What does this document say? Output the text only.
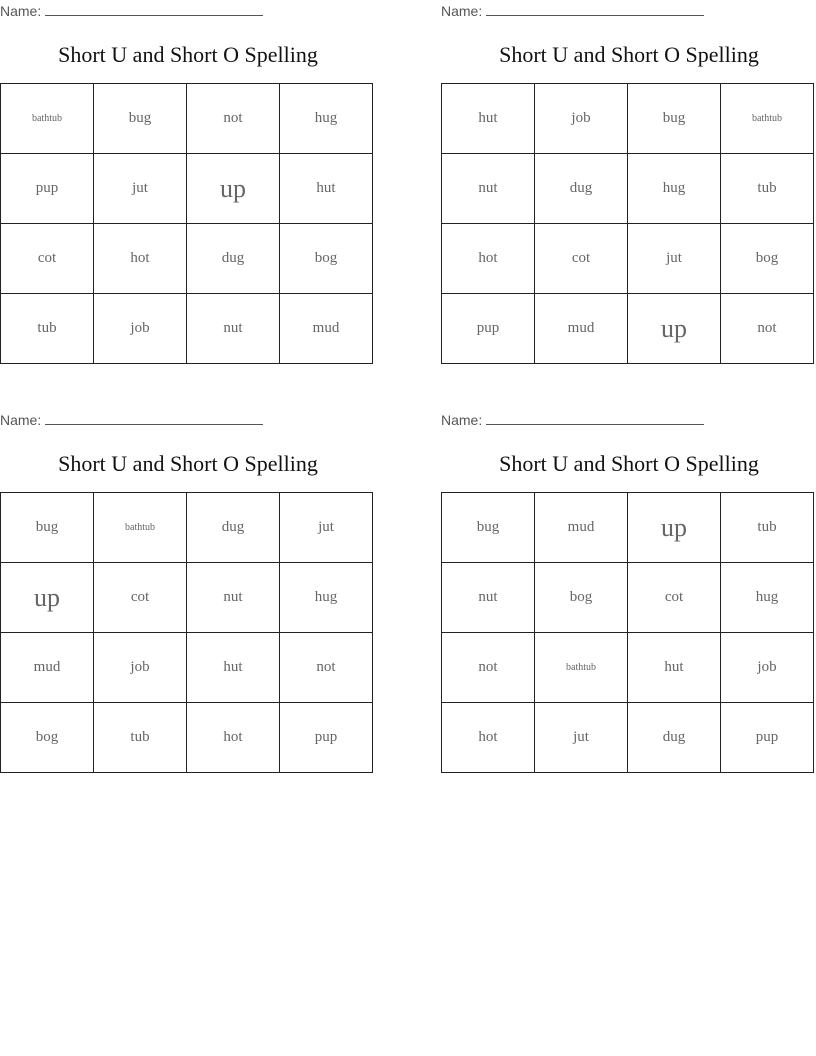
Name:
Short U and Short O Spelling
bathtub	bug	not	hug
pup	jut	up	hut
cot	hot	dug	bog
tub	job	nut	mud
Name:
Short U and Short O Spelling
hut	job	bug	bathtub
nut	dug	hug	tub
hot	cot	jut	bog
pup	mud	up	not
Name:
Short U and Short O Spelling
bug	bathtub	dug	jut
up	cot	nut	hug
mud	job	hut	not
bog	tub	hot	pup
Name:
Short U and Short O Spelling
bug	mud	up	tub
nut	bog	cot	hug
not	bathtub	hut	job
hot	jut	dug	pup
